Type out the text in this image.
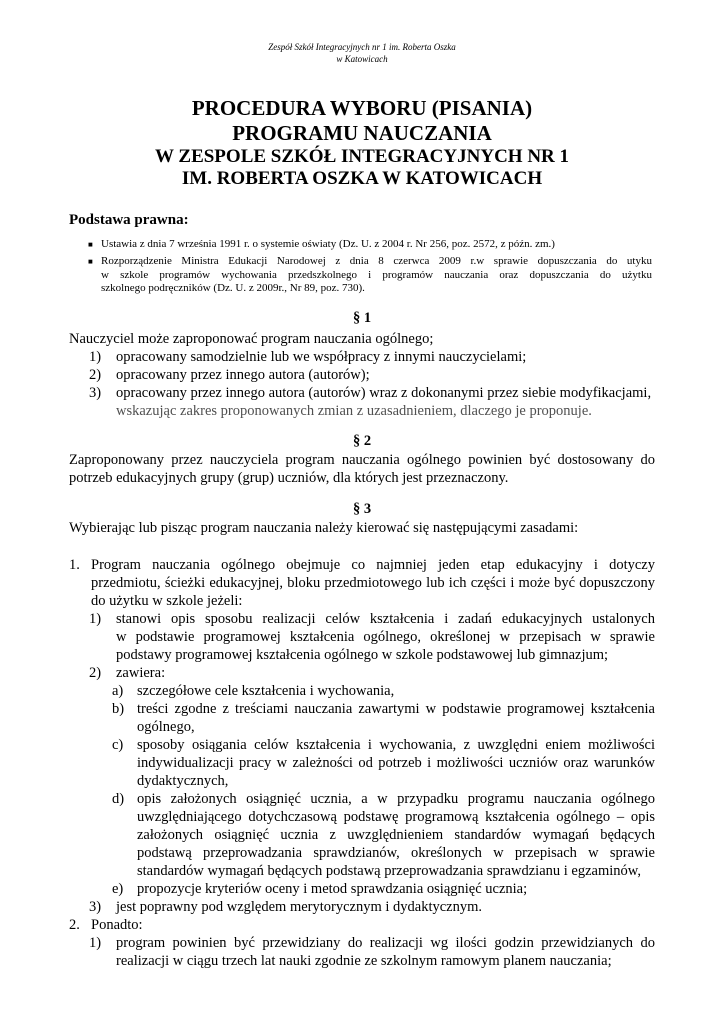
Zespół Szkół Integracyjnych nr 1 im. Roberta Oszka
w Katowicach
PROCEDURA WYBORU (PISANIA)
PROGRAMU NAUCZANIA
W ZESPOLE SZKÓŁ INTEGRACYJNYCH NR 1
IM. ROBERTA OSZKA W KATOWICACH
Podstawa prawna:
■ Ustawia z dnia 7 września 1991 r. o systemie oświaty (Dz. U. z 2004 r. Nr 256, poz. 2572, z późn. zm.)
■ Rozporządzenie Ministra Edukacji Narodowej z dnia 8 czerwca 2009 r.w sprawie dopuszczania do utyku
w szkole programów wychowania przedszkolnego i programów nauczania oraz dopuszczania do użytku
szkolnego podręczników (Dz. U. z 2009r., Nr 89, poz. 730).
§ 1
Nauczyciel może zaproponować program nauczania ogólnego;
1) opracowany samodzielnie lub we współpracy z innymi nauczycielami;
2) opracowany przez innego autora (autorów);
3) opracowany przez innego autora (autorów) wraz z dokonanymi przez siebie modyfikacjami,
wskazując zakres proponowanych zmian z uzasadnieniem, dlaczego je proponuje.
§ 2
Zaproponowany przez nauczyciela program nauczania ogólnego powinien być dostosowany do
potrzeb edukacyjnych grupy (grup) uczniów, dla których jest przeznaczony.
§ 3
Wybierając lub pisząc program nauczania należy kierować się następującymi zasadami:
1. Program nauczania ogólnego obejmuje co najmniej jeden etap edukacyjny i dotyczy
przedmiotu, ścieżki edukacyjnej, bloku przedmiotowego lub ich części i może być dopuszczony
do użytku w szkole jeżeli:
1) stanowi opis sposobu realizacji celów kształcenia i zadań edukacyjnych ustalonych
w podstawie programowej kształcenia ogólnego, określonej w przepisach w sprawie
podstawy programowej kształcenia ogólnego w szkole podstawowej lub gimnazjum;
2) zawiera:
a) szczegółowe cele kształcenia i wychowania,
b) treści zgodne z treściami nauczania zawartymi w podstawie programowej kształcenia
ogólnego,
c) sposoby osiągania celów kształcenia i wychowania, z uwzględni eniem możliwości
indywidualizacji pracy w zależności od potrzeb i możliwości uczniów oraz warunków
dydaktycznych,
d) opis założonych osiągnięć ucznia, a w przypadku programu nauczania ogólnego
uwzględniającego dotychczasową podstawę programową kształcenia ogólnego – opis
założonych osiągnięć ucznia z uwzględnieniem standardów wymagań będących
podstawą przeprowadzania sprawdzianów, określonych w przepisach w sprawie
standardów wymagań będących podstawą przeprowadzania sprawdzianu i egzaminów,
e) propozycje kryteriów oceny i metod sprawdzania osiągnięć ucznia;
3) jest poprawny pod względem merytorycznym i dydaktycznym.
2. Ponadto:
1) program powinien być przewidziany do realizacji wg ilości godzin przewidzianych do
realizacji w ciągu trzech lat nauki zgodnie ze szkolnym ramowym planem nauczania;
